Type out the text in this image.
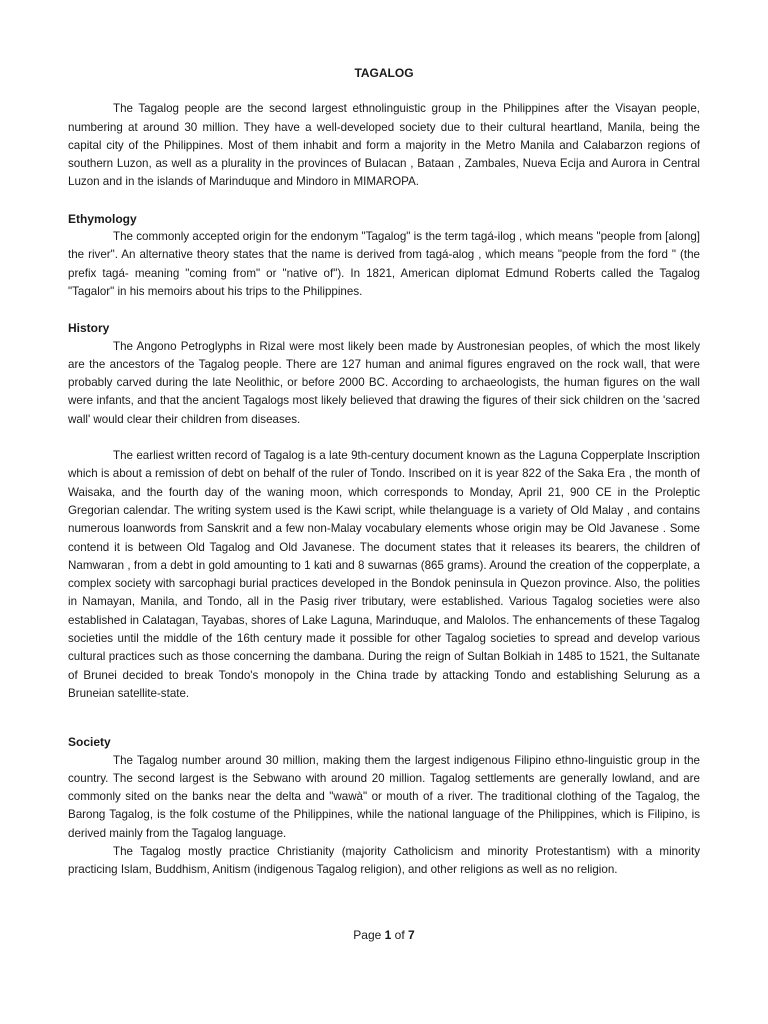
TAGALOG

The Tagalog people are the second largest ethnolinguistic group in the Philippines after the Visayan people, numbering at around 30 million. They have a well-developed society due to their cultural heartland, Manila, being the capital city of the Philippines. Most of them inhabit and form a majority in the Metro Manila and Calabarzon regions of southern Luzon, as well as a plurality in the provinces of Bulacan , Bataan , Zambales, Nueva Ecija and Aurora in Central Luzon and in the islands of Marinduque and Mindoro in MIMAROPA.

Ethymology

The commonly accepted origin for the endonym "Tagalog" is the term tagá-ilog , which means "people from [along] the river". An alternative theory states that the name is derived from tagá-alog , which means "people from the ford " (the prefix tagá- meaning "coming from" or "native of"). In 1821, American diplomat Edmund Roberts called the Tagalog "Tagalor" in his memoirs about his trips to the Philippines.

History

The Angono Petroglyphs in Rizal were most likely been made by Austronesian peoples, of which the most likely are the ancestors of the Tagalog people. There are 127 human and animal figures engraved on the rock wall, that were probably carved during the late Neolithic, or before 2000 BC. According to archaeologists, the human figures on the wall were infants, and that the ancient Tagalogs most likely believed that drawing the figures of their sick children on the 'sacred wall' would clear their children from diseases.

The earliest written record of Tagalog is a late 9th-century document known as the Laguna Copperplate Inscription which is about a remission of debt on behalf of the ruler of Tondo. Inscribed on it is year 822 of the Saka Era , the month of Waisaka, and the fourth day of the waning moon, which corresponds to Monday, April 21, 900 CE in the Proleptic Gregorian calendar. The writing system used is the Kawi script, while thelanguage is a variety of Old Malay , and contains numerous loanwords from Sanskrit and a few non-Malay vocabulary elements whose origin may be Old Javanese . Some contend it is between Old Tagalog and Old Javanese. The document states that it releases its bearers, the children of Namwaran , from a debt in gold amounting to 1 kati and 8 suwarnas (865 grams). Around the creation of the copperplate, a complex society with sarcophagi burial practices developed in the Bondok peninsula in Quezon province. Also, the polities in Namayan, Manila, and Tondo, all in the Pasig river tributary, were established. Various Tagalog societies were also established in Calatagan, Tayabas, shores of Lake Laguna, Marinduque, and Malolos. The enhancements of these Tagalog societies until the middle of the 16th century made it possible for other Tagalog societies to spread and develop various cultural practices such as those concerning the dambana. During the reign of Sultan Bolkiah in 1485 to 1521, the Sultanate of Brunei decided to break Tondo's monopoly in the China trade by attacking Tondo and establishing Selurung as a Bruneian satellite-state.

Society

The Tagalog number around 30 million, making them the largest indigenous Filipino ethno-linguistic group in the country. The second largest is the Sebwano with around 20 million. Tagalog settlements are generally lowland, and are commonly sited on the banks near the delta and "wawà" or mouth of a river. The traditional clothing of the Tagalog, the Barong Tagalog, is the folk costume of the Philippines, while the national language of the Philippines, which is Filipino, is derived mainly from the Tagalog language.

The Tagalog mostly practice Christianity (majority Catholicism and minority Protestantism) with a minority practicing Islam, Buddhism, Anitism (indigenous Tagalog religion), and other religions as well as no religion.

Page 1 of 7
